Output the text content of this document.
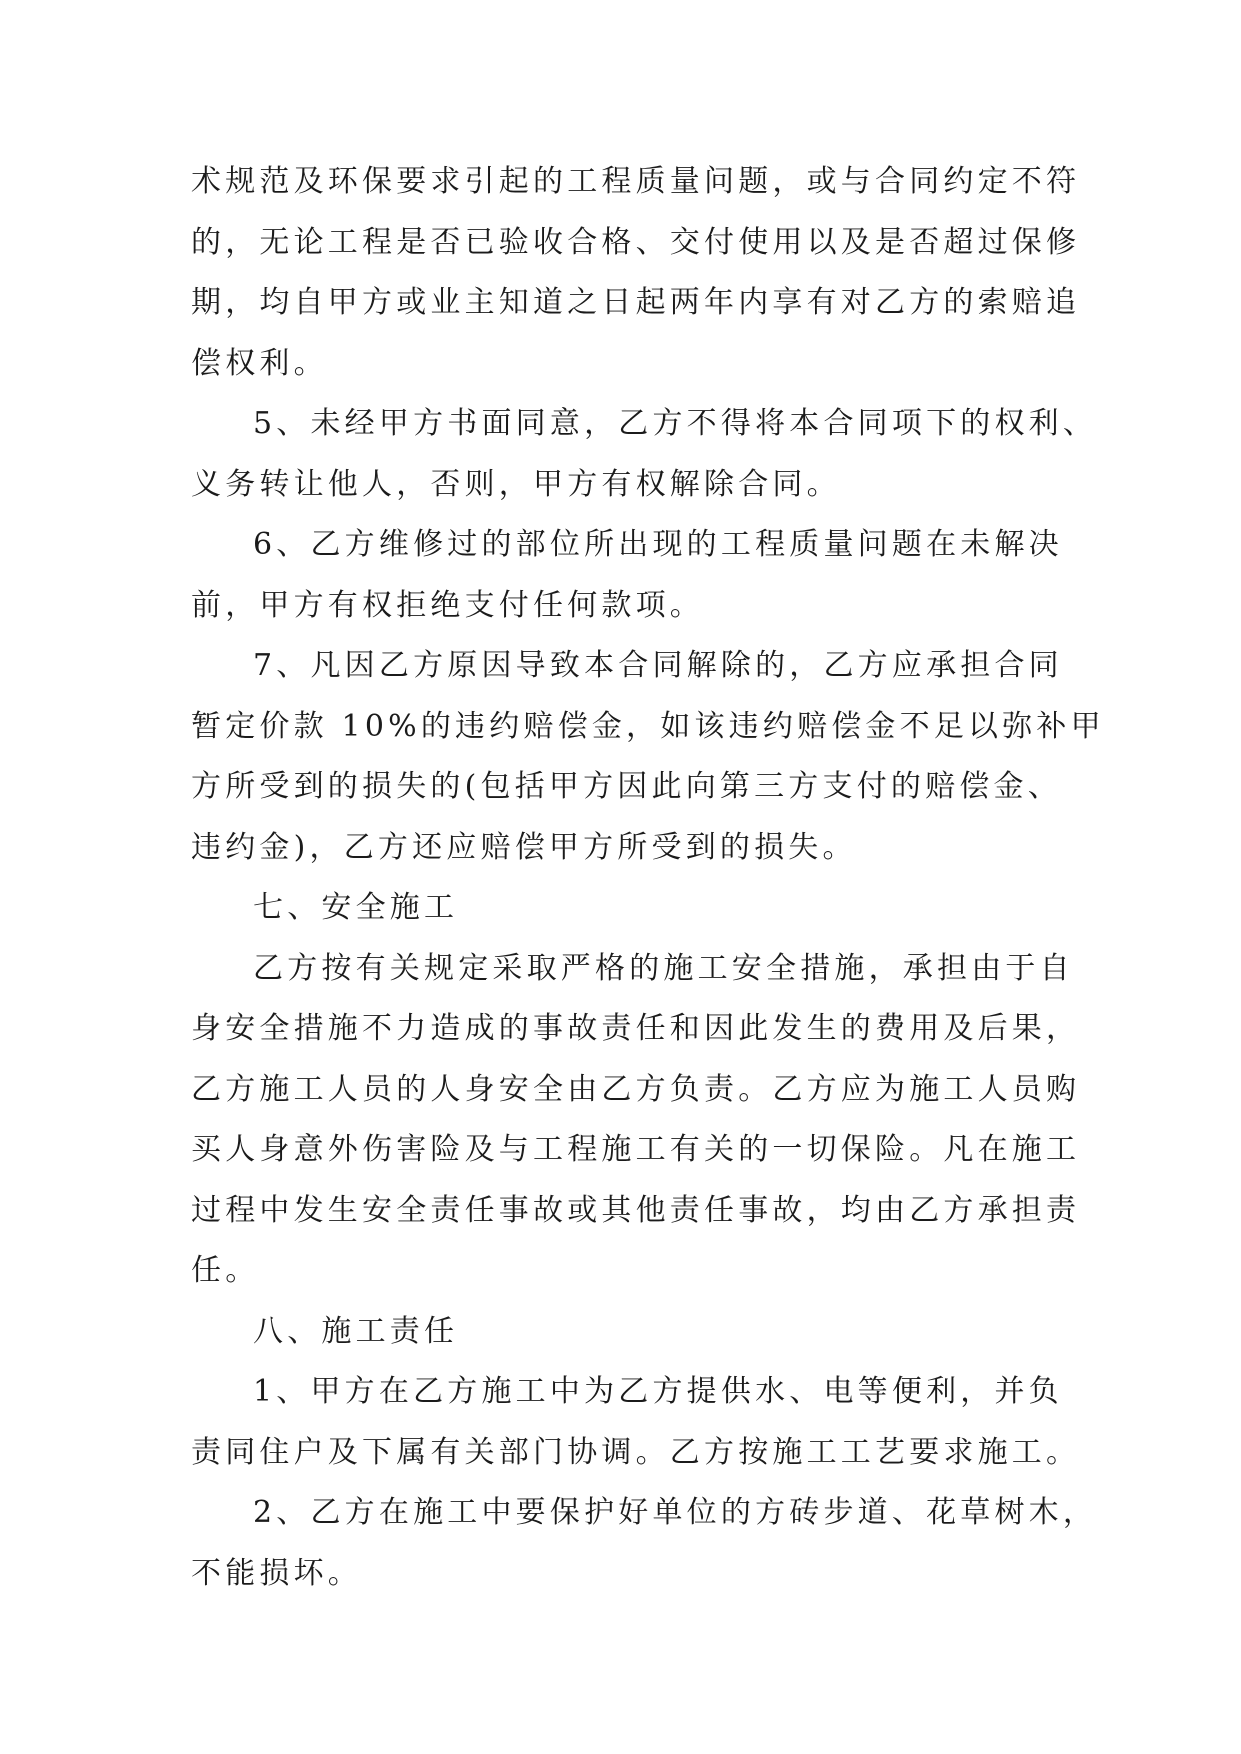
术规范及环保要求引起的工程质量问题，或与合同约定不符
的，无论工程是否已验收合格、交付使用以及是否超过保修
期，均自甲方或业主知道之日起两年内享有对乙方的索赔追
偿权利。
5、未经甲方书面同意，乙方不得将本合同项下的权利、
义务转让他人，否则，甲方有权解除合同。
6、乙方维修过的部位所出现的工程质量问题在未解决
前，甲方有权拒绝支付任何款项。
7、凡因乙方原因导致本合同解除的，乙方应承担合同
暂定价款 10%的违约赔偿金，如该违约赔偿金不足以弥补甲
方所受到的损失的(包括甲方因此向第三方支付的赔偿金、
违约金)，乙方还应赔偿甲方所受到的损失。
七、安全施工
乙方按有关规定采取严格的施工安全措施，承担由于自
身安全措施不力造成的事故责任和因此发生的费用及后果，
乙方施工人员的人身安全由乙方负责。乙方应为施工人员购
买人身意外伤害险及与工程施工有关的一切保险。凡在施工
过程中发生安全责任事故或其他责任事故，均由乙方承担责
任。
八、施工责任
1、甲方在乙方施工中为乙方提供水、电等便利，并负
责同住户及下属有关部门协调。乙方按施工工艺要求施工。
2、乙方在施工中要保护好单位的方砖步道、花草树木，
不能损坏。
